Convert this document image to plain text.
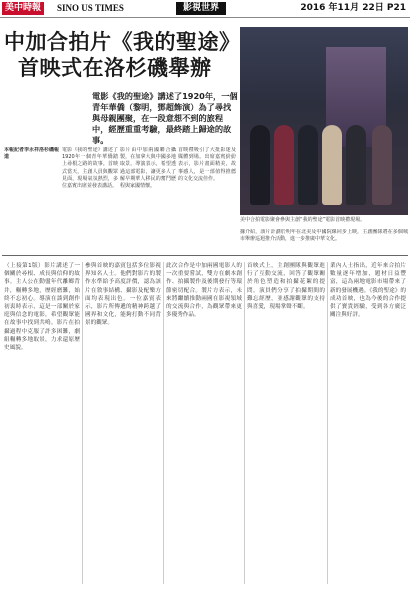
美中時報	SINO US TIMES	影視世界	2016 年11月 22日 P21
中加合拍片《我的聖途》
首映式在洛杉磯舉辦
電影《我的聖途》講述了1920年，一個青年華僑（黎明，鄧超飾演）為了尋找與母親團聚，在一段意想不到的旅程中，經歷重重考驗，最終踏上歸途的故事。
美中合拍電影聚會參與主創“我的聖途”電影首映禮現場。
本報記者李永祥洛杉磯報道
電影《我的聖途》講述了1920年一個青年華僑踏上尋根之路的故事。首映式當天，主創人員與觀眾見面，現場氣氛熱烈，多位嘉賓出席並發表講話。
影片由中加兩國聯合攝製，在加拿大與中國多地取景。導演表示，希望透過這部電影，讓更多人了解早期華人移民的奮鬥歷程與家國情懷。
首映禮吸引了大批影迷及媒體到場。出席嘉賓紛紛表示，影片畫面精美，故事感人，是一部值得推薦的文化交流佳作。
據介紹，該片計劃於明年在北美及中國院線同步上映，主創團隊將在多個城市舉辦巡迴推介活動，進一步推廣中華文化。
（上接第1版）影片講述了一個關於尋根、成長與信仰的故事。主人公在動盪年代離鄉背井，輾轉多地，歷經磨難，始終不忘初心。導演在談到創作初衷時表示，這是一部關於家庭與信念的電影，希望觀眾能在故事中找到共鳴。影片在拍攝過程中克服了許多困難，劇組輾轉多地取景，力求還原歷史風貌。
參與首映的嘉賓包括多位影視界知名人士。他們對影片的製作水準給予高度評價，認為該片在敘事結構、攝影及配樂方面均表現出色。一位嘉賓表示，影片所傳遞的精神跨越了國界和文化，能夠打動不同背景的觀眾。
此次合作是中加兩國電影人的一次重要嘗試，雙方在劇本創作、拍攝製作及後期發行等環節密切配合。製片方表示，未來將繼續推動兩國在影視領域的交流與合作，為觀眾帶來更多優秀作品。
首映式上，主創團隊與觀眾進行了互動交流，回答了觀眾關於角色塑造和拍攝花絮的提問。演員們分享了拍攝期間的難忘經歷，並感謝觀眾的支持與喜愛，現場掌聲不斷。
業內人士指出，近年來合拍片數量逐年增加，題材日益豐富，這為兩地電影市場帶來了新的發展機遇。《我的聖途》的成功首映，也為今後的合作提供了寶貴經驗，受到各方廣泛關注與好評。
